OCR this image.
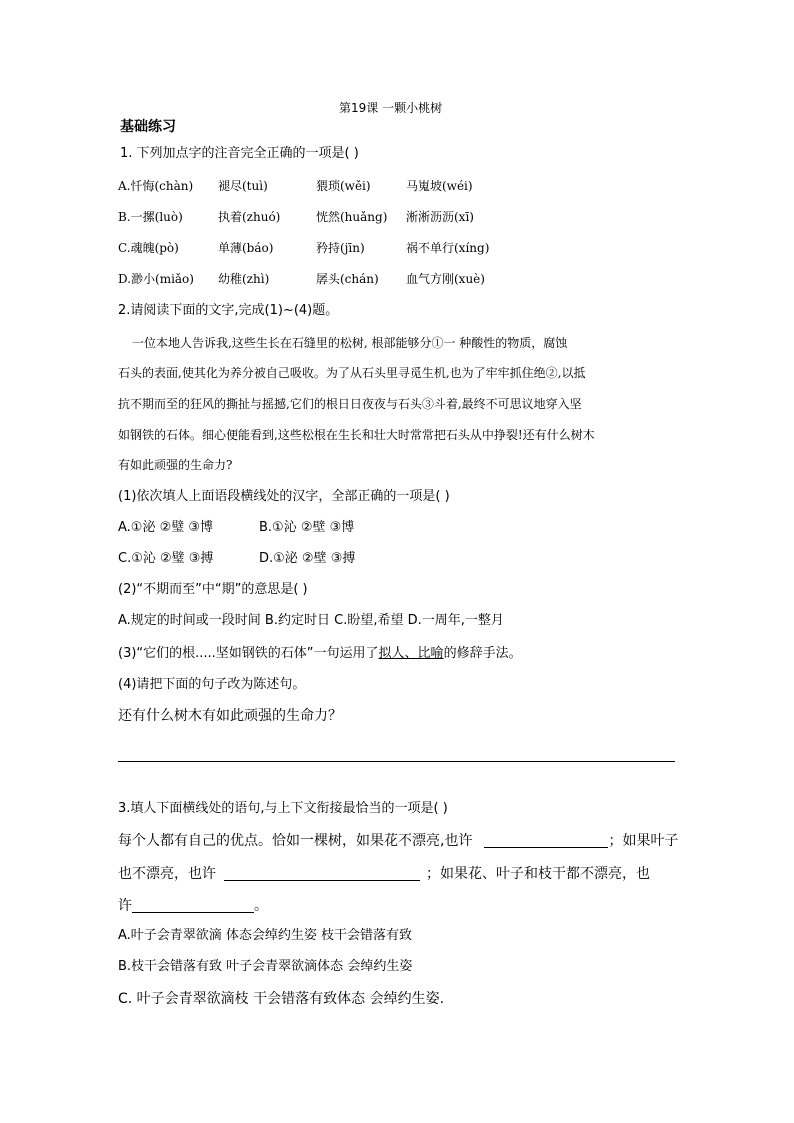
第19课 一颗小桃树
基础练习
1. 下列加点字的注音完全正确的一项是( )
A.忏悔(chàn) 褪尽(tuì)	猥琐(wěi)	马嵬坡(wéi)
B.一摞(luò)	执着(zhuó)	恍然(huǎng) 淅淅沥沥(xī)
C.魂魄(pò)	单薄(báo)	矜持(jīn)	祸不单行(xíng)
D.渺小(miǎo) 幼稚(zhì)	孱头(chán) 血气方刚(xuè)
2.请阅读下面的文字,完成(1)~(4)题。
一位本地人告诉我,这些生长在石缝里的松树, 根部能够分①一 种酸性的物质，腐蚀
石头的表面,使其化为养分被自己吸收。为了从石头里寻觅生机,也为了牢牢抓住绝②,以抵
抗不期而至的狂风的撕扯与摇撼,它们的根日日夜夜与石头③斗着,最终不可思议地穿入坚
如钢铁的石体。细心便能看到,这些松根在生长和壮大时常常把石头从中挣裂!还有什么树木
有如此顽强的生命力?
(1)依次填人上面语段横线处的汉字，全部正确的一项是( )
A.①泌 ②璧 ③博	B.①沁 ②壁 ③博
C.①沁 ②璧 ③搏	D.①泌 ②壁 ③搏
(2)“不期而至”中“期”的意思是( )
A.规定的时间或一段时间 B.约定时日 C.盼望,希望 D.一周年,一整月
(3)“它们的根.....坚如钢铁的石体”一句运用了拟人、比喻的修辞手法。
(4)请把下面的句子改为陈述句。
还有什么树木有如此顽强的生命力？
3.填人下面横线处的语句,与上下文衔接最恰当的一项是( )
每个人都有自己的优点。恰如一棵树，如果花不漂亮,也许	；如果叶子
也不漂亮，也许	；如果花、叶子和枝干都不漂亮，也
许	。
A.叶子会青翠欲滴 体态会绰约生姿 枝干会错落有致
B.枝干会错落有致 叶子会青翠欲滴体态 会绰约生姿
C. 叶子会青翠欲滴枝 干会错落有致体态 会绰约生姿.
